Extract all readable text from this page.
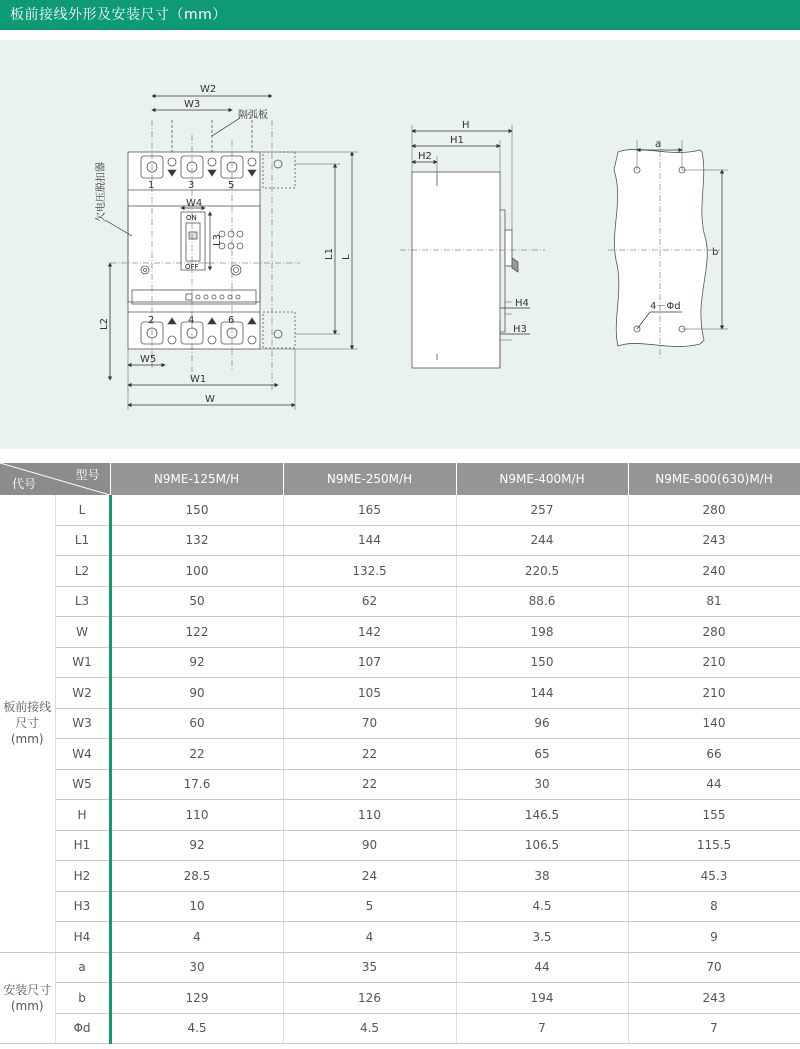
板前接线外形及安装尺寸（mm）
W2
W3
W4
W5
W1
W
隔弧板
ON
OFF
1	3	5
2	4	6
L1 L
L2
L3
欠电压脱扣器
H
H1
H2
H4
H3
a
b
4－Φd
型号
代号		N9ME-125M/H	N9ME-250M/H	N9ME-400M/H	N9ME-800(630)M/H

板前接线
尺寸
(mm)	L	150	165	257	280
	L1	132	144	244	243
	L2	100	132.5	220.5	240
	L3	50	62	88.6	81
	W	122	142	198	280
	W1	92	107	150	210
	W2	90	105	144	210
	W3	60	70	96	140
	W4	22	22	65	66
	W5	17.6	22	30	44
	H	110	110	146.5	155
	H1	92	90	106.5	115.5
	H2	28.5	24	38	45.3
	H3	10	5	4.5	8
	H4	4	4	3.5	9

安装尺寸
(mm)	a	30	35	44	70
	b	129	126	194	243
	Φd	4.5	4.5	7	7
